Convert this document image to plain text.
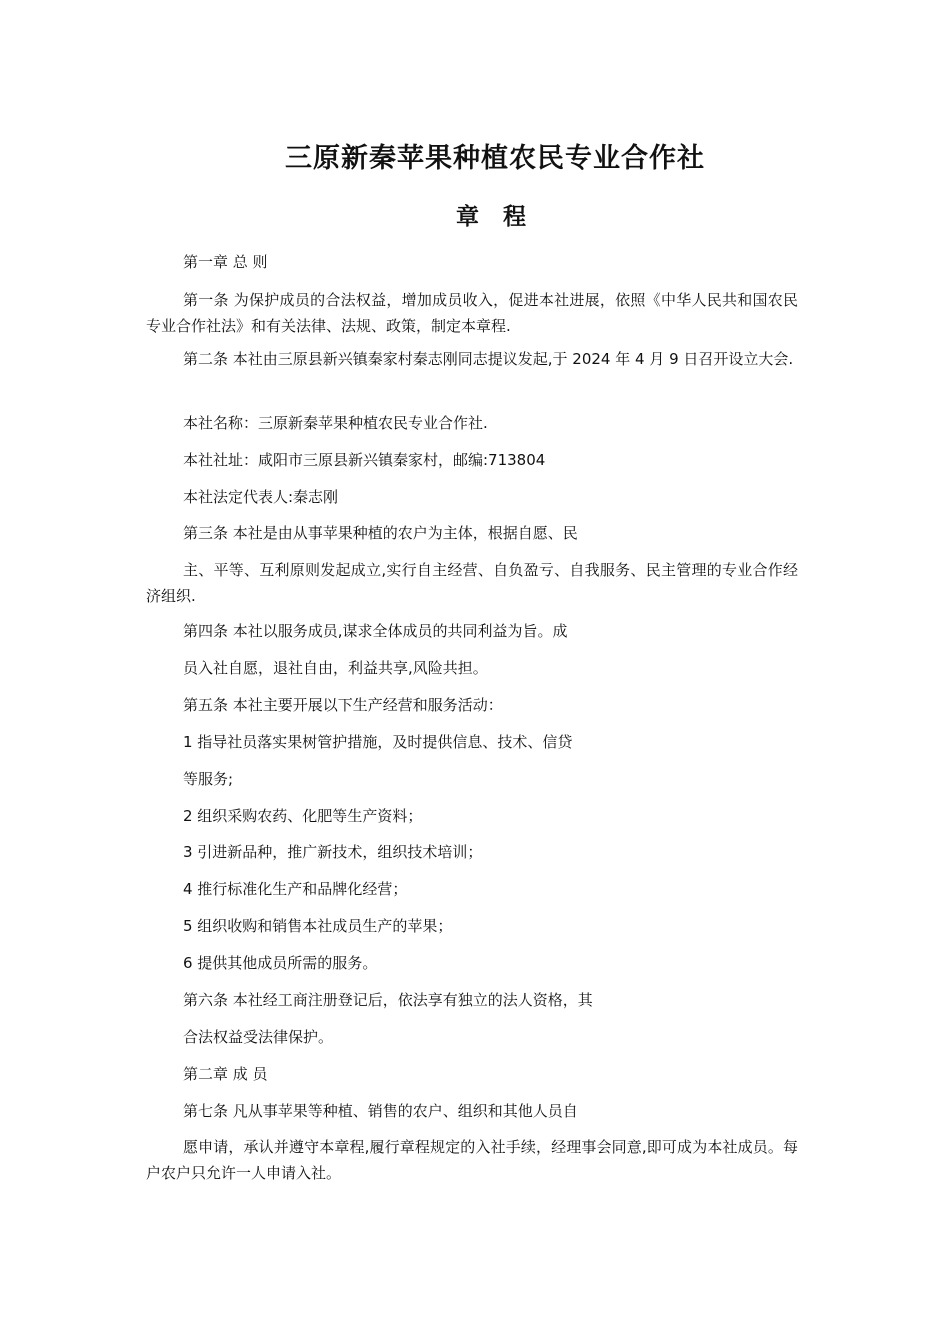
三原新秦苹果种植农民专业合作社
章 程

第一章 总 则

第一条 为保护成员的合法权益，增加成员收入，促进本社进展，依照《中华人民共和国农民专业合作社法》和有关法律、法规、政策，制定本章程.

第二条 本社由三原县新兴镇秦家村秦志刚同志提议发起,于 2024 年 4 月 9 日召开设立大会.

本社名称：三原新秦苹果种植农民专业合作社.

本社社址：咸阳市三原县新兴镇秦家村，邮编:713804

本社法定代表人:秦志刚

第三条 本社是由从事苹果种植的农户为主体，根据自愿、民

主、平等、互利原则发起成立,实行自主经营、自负盈亏、自我服务、民主管理的专业合作经济组织.

第四条 本社以服务成员,谋求全体成员的共同利益为旨。成

员入社自愿，退社自由，利益共享,风险共担。

第五条 本社主要开展以下生产经营和服务活动：

1 指导社员落实果树管护措施，及时提供信息、技术、信贷

等服务;

2 组织采购农药、化肥等生产资料；

3 引进新品种，推广新技术，组织技术培训；

4 推行标准化生产和品牌化经营；

5 组织收购和销售本社成员生产的苹果；

6 提供其他成员所需的服务。

第六条 本社经工商注册登记后，依法享有独立的法人资格，其

合法权益受法律保护。

第二章 成 员

第七条 凡从事苹果等种植、销售的农户、组织和其他人员自

愿申请，承认并遵守本章程,履行章程规定的入社手续，经理事会同意,即可成为本社成员。每户农户只允许一人申请入社。
